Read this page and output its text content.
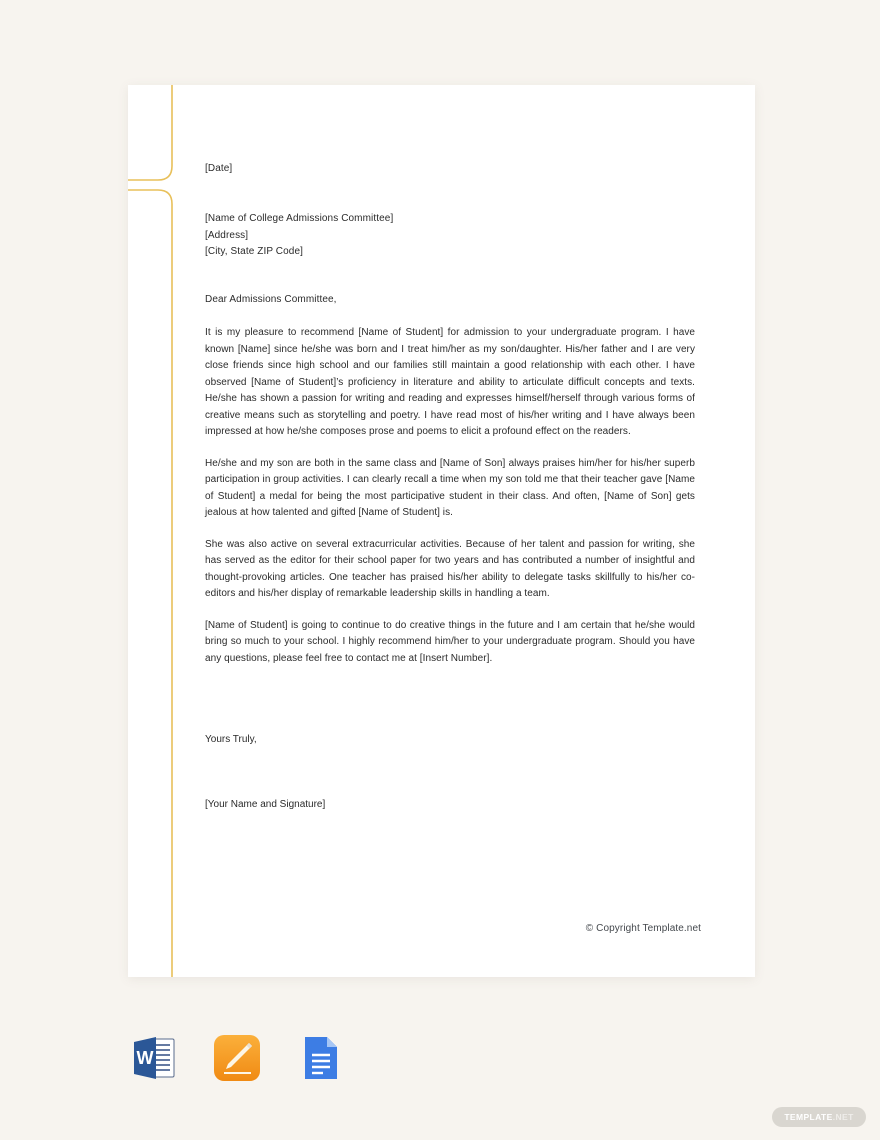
[Date]
[Name of College Admissions Committee]
[Address]
[City, State ZIP Code]
Dear Admissions Committee,

It is my pleasure to recommend [Name of Student] for admission to your undergraduate program. I have known [Name] since he/she was born and I treat him/her as my son/daughter. His/her father and I are very close friends since high school and our families still maintain a good relationship with each other. I have observed [Name of Student]’s proficiency in literature and ability to articulate difficult concepts and texts. He/she has shown a passion for writing and reading and expresses himself/herself through various forms of creative means such as storytelling and poetry. I have read most of his/her writing and I have always been impressed at how he/she composes prose and poems to elicit a profound effect on the readers.

He/she and my son are both in the same class and [Name of Son] always praises him/her for his/her superb participation in group activities. I can clearly recall a time when my son told me that their teacher gave [Name of Student] a medal for being the most participative student in their class. And often, [Name of Son] gets jealous at how talented and gifted [Name of Student] is.

She was also active on several extracurricular activities. Because of her talent and passion for writing, she has served as the editor for their school paper for two years and has contributed a number of insightful and thought-provoking articles. One teacher has praised his/her ability to delegate tasks skillfully to his/her co-editors and his/her display of remarkable leadership skills in handling a team.

[Name of Student] is going to continue to do creative things in the future and I am certain that he/she would bring so much to your school. I highly recommend him/her to your undergraduate program. Should you have any questions, please feel free to contact me at [Insert Number].

Yours Truly,
[Your Name and Signature]
© Copyright Template.net
W
TEMPLATE .NET
